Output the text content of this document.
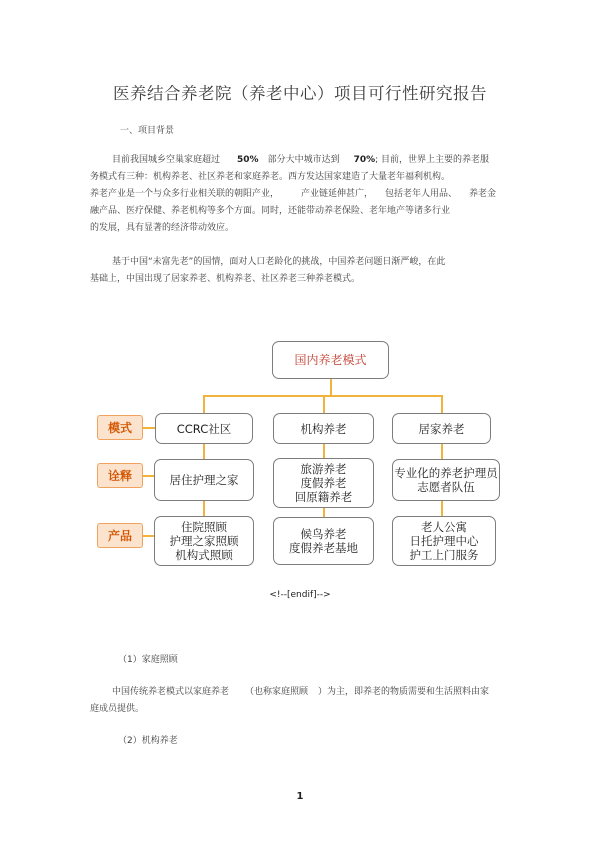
医养结合养老院（养老中心）项目可行性研究报告
一、项目背景
目前我国城乡空巢家庭超过 50% 部分大中城市达到 70%; 目前，世界上主要的养老服
务模式有三种：机构养老、社区养老和家庭养老。西方发达国家建造了大量老年福利机构。
养老产业是一个与众多行业相关联的朝阳产业， 产业链延伸甚广， 包括老年人用品、 养老金
融产品、医疗保健、养老机构等多个方面。同时，还能带动养老保险、老年地产等诸多行业
的发展，具有显著的经济带动效应。
基于中国“未富先老”的国情，面对人口老龄化的挑战，中国养老问题日渐严峻，在此
基础上，中国出现了居家养老、机构养老、社区养老三种养老模式。
国内养老模式
模式
诠释
产品
CCRC社区	机构养老	居家养老
居住护理之家
旅游养老
度假养老
回原籍养老
专业化的养老护理员
志愿者队伍
住院照顾
护理之家照顾
机构式照顾
候鸟养老
度假养老基地
老人公寓
日托护理中心
护工上门服务
<!--[endif]-->
（1）家庭照顾
中国传统养老模式以家庭养老 （也称家庭照顾 ）为主，即养老的物质需要和生活照料由家
庭成员提供。
（2）机构养老
1
